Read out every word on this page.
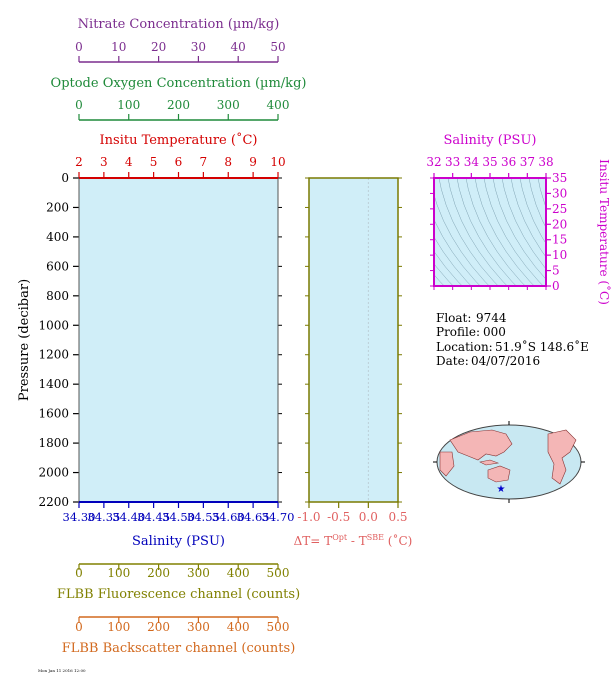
0 10 20 30 40 50
Nitrate Concentration (µm/kg)
0	100 200 300 400
Optode Oxygen Concentration (µm/kg)
2 3 4 5 6 7 8 9 10
Insitu Temperature (˚C)
0
200
400
600
800
1000
1200
1400
1600
1800
2000
2200
Pressure (decibar)
34.30
34.35
34.40
34.45
34.50
34.55
34.60
34.65
34.70
Salinity (PSU)
0 100 200 300 400 500
FLBB Fluorescence channel (counts)
0 100 200 300 400 500
FLBB Backscatter channel (counts)
-1.0 -0.5 0.0 0.5
$\Delta T= T^{Opt} - T^{SBE}$ (˚C)
32 33 34 35 36 37 38
Salinity (PSU)
0
5
10
15
20
25
30
35 Insitu Temperature (˚C)
Float: 9744
Profile: 000
Location: 51.9˚S 148.6˚E
Date: 04/07/2016
★
Mon Jan 11 2016 12:00
